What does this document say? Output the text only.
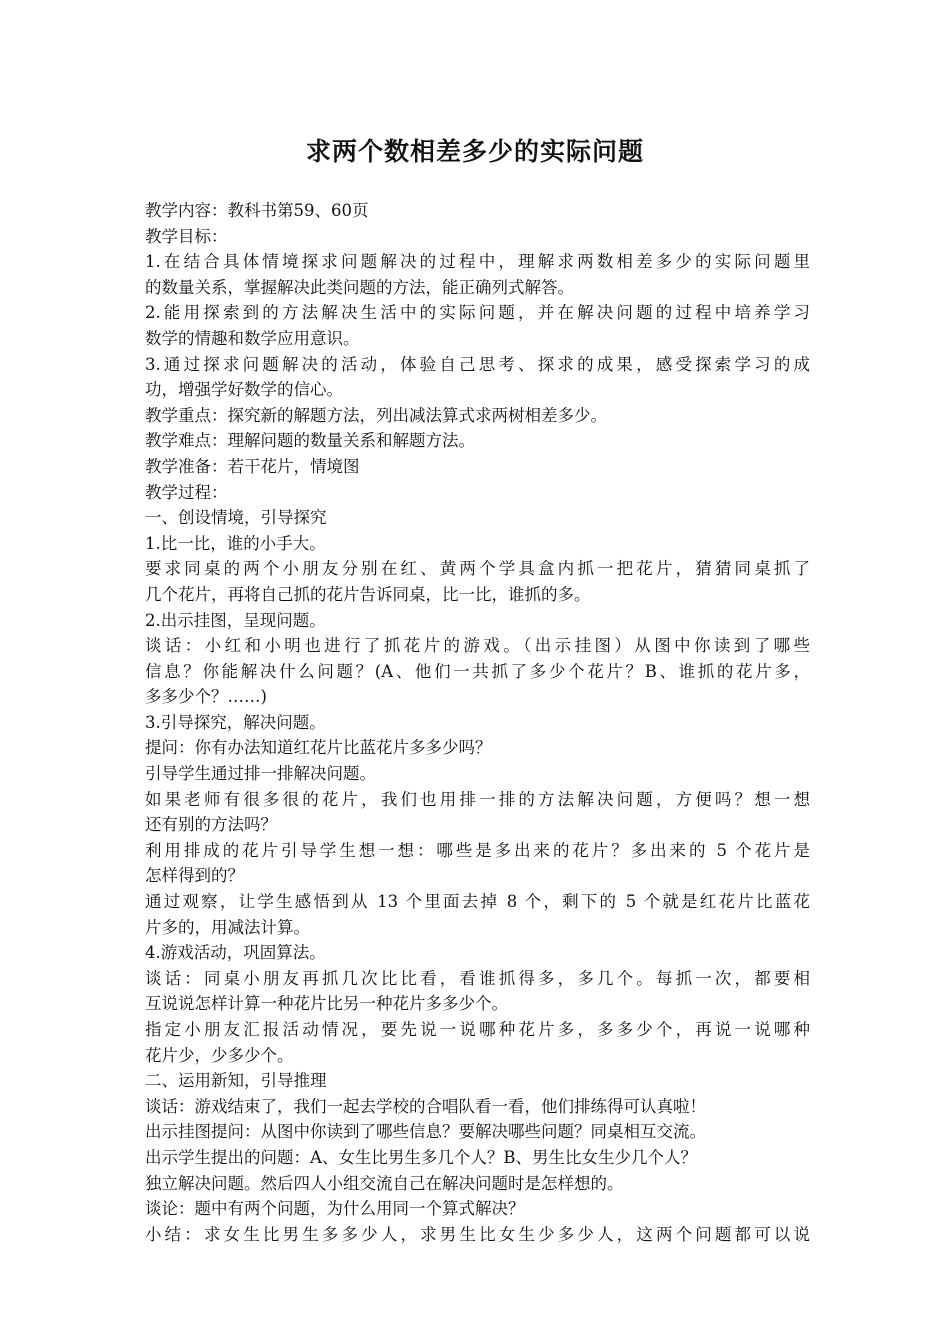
求两个数相差多少的实际问题
教学内容：教科书第59、60页
教学目标：
1.在结合具体情境探求问题解决的过程中，理解求两数相差多少的实际问题里
的数量关系，掌握解决此类问题的方法，能正确列式解答。
2.能用探索到的方法解决生活中的实际问题，并在解决问题的过程中培养学习
数学的情趣和数学应用意识。
3.通过探求问题解决的活动，体验自己思考、探求的成果，感受探索学习的成
功，增强学好数学的信心。
教学重点：探究新的解题方法，列出减法算式求两树相差多少。
教学难点：理解问题的数量关系和解题方法。
教学准备：若干花片，情境图
教学过程：
一、创设情境，引导探究
1.比一比，谁的小手大。
要求同桌的两个小朋友分别在红、黄两个学具盒内抓一把花片，猜猜同桌抓了
几个花片，再将自己抓的花片告诉同桌，比一比，谁抓的多。
2.出示挂图，呈现问题。
谈话：小红和小明也进行了抓花片的游戏。（出示挂图）从图中你读到了哪些
信息？你能解决什么问题？(A、他们一共抓了多少个花片？B、谁抓的花片多，
多多少个？……)
3.引导探究，解决问题。
提问：你有办法知道红花片比蓝花片多多少吗？
引导学生通过排一排解决问题。
如果老师有很多很的花片，我们也用排一排的方法解决问题，方便吗？想一想
还有别的方法吗？
利用排成的花片引导学生想一想：哪些是多出来的花片？多出来的 5 个花片是
怎样得到的？
通过观察，让学生感悟到从 13 个里面去掉 8 个，剩下的 5 个就是红花片比蓝花
片多的，用减法计算。
4.游戏活动，巩固算法。
谈话：同桌小朋友再抓几次比比看，看谁抓得多，多几个。每抓一次，都要相
互说说怎样计算一种花片比另一种花片多多少个。
指定小朋友汇报活动情况，要先说一说哪种花片多，多多少个，再说一说哪种
花片少，少多少个。
二、运用新知，引导推理
谈话：游戏结束了，我们一起去学校的合唱队看一看，他们排练得可认真啦！
出示挂图提问：从图中你读到了哪些信息？要解决哪些问题？同桌相互交流。
出示学生提出的问题：A、女生比男生多几个人？B、男生比女生少几个人？
独立解决问题。然后四人小组交流自己在解决问题时是怎样想的。
谈论：题中有两个问题，为什么用同一个算式解决？
小结：求女生比男生多多少人，求男生比女生少多少人，这两个问题都可以说
